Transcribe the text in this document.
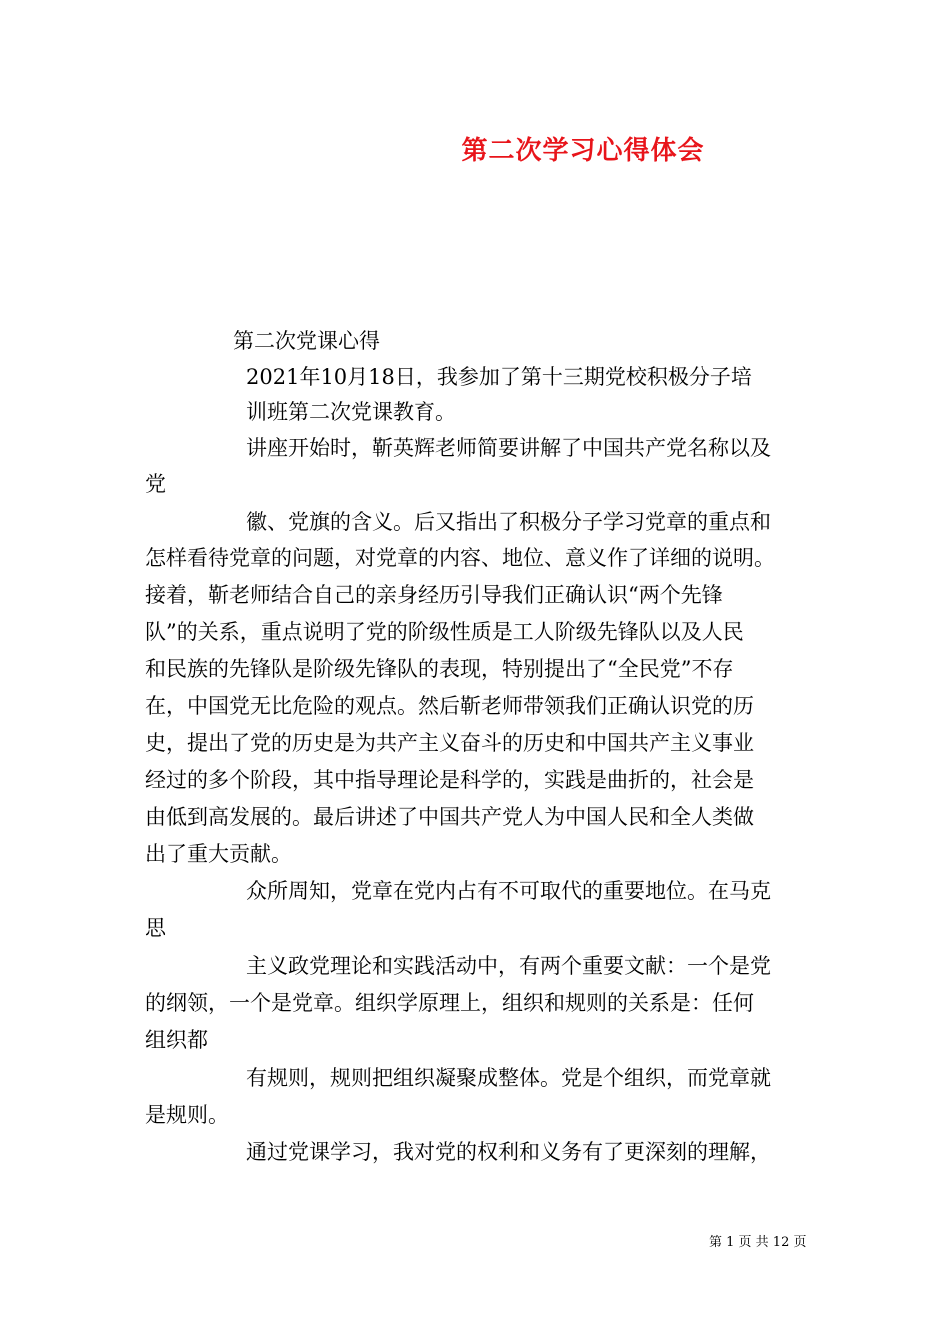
第二次学习心得体会
第二次党课心得
2021年10月18日，我参加了第十三期党校积极分子培
训班第二次党课教育。
讲座开始时，靳英辉老师简要讲解了中国共产党名称以及
党
徽、党旗的含义。后又指出了积极分子学习党章的重点和
怎样看待党章的问题，对党章的内容、地位、意义作了详细的说明。
接着，靳老师结合自己的亲身经历引导我们正确认识“两个先锋
队”的关系，重点说明了党的阶级性质是工人阶级先锋队以及人民
和民族的先锋队是阶级先锋队的表现，特别提出了“全民党”不存
在，中国党无比危险的观点。然后靳老师带领我们正确认识党的历
史，提出了党的历史是为共产主义奋斗的历史和中国共产主义事业
经过的多个阶段，其中指导理论是科学的，实践是曲折的，社会是
由低到高发展的。最后讲述了中国共产党人为中国人民和全人类做
出了重大贡献。
众所周知，党章在党内占有不可取代的重要地位。在马克
思
主义政党理论和实践活动中，有两个重要文献：一个是党
的纲领，一个是党章。组织学原理上，组织和规则的关系是：任何
组织都
有规则，规则把组织凝聚成整体。党是个组织，而党章就
是规则。
通过党课学习，我对党的权利和义务有了更深刻的理解，
第 1 页 共 12 页
